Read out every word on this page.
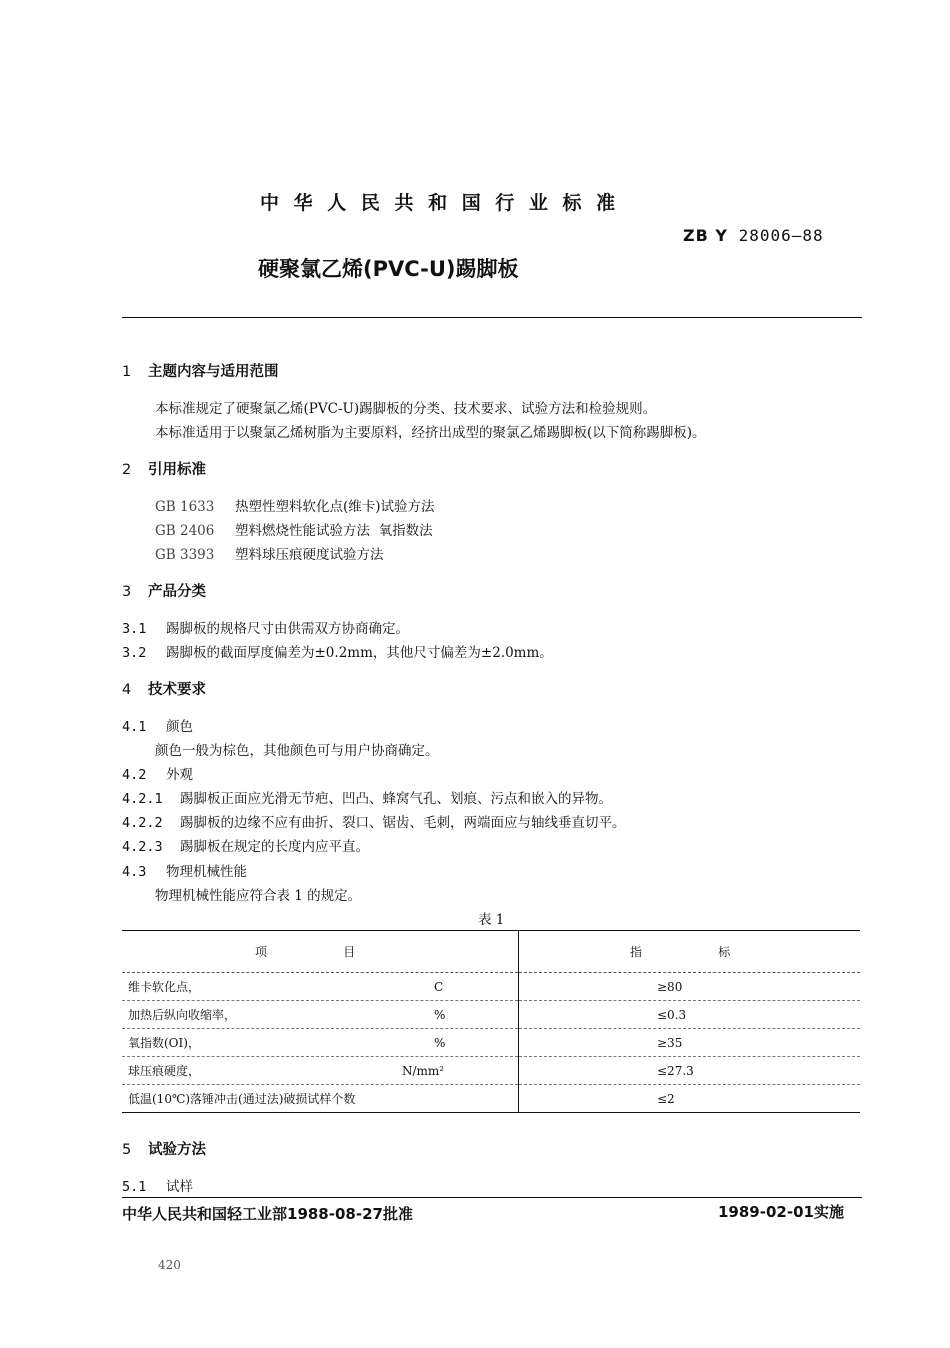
中 华 人 民 共 和 国 行 业 标 准
ZB Y 28006—88
硬聚氯乙烯(PVC-U)踢脚板
1 主题内容与适用范围
本标准规定了硬聚氯乙烯(PVC-U)踢脚板的分类、技术要求、试验方法和检验规则。
本标准适用于以聚氯乙烯树脂为主要原料，经挤出成型的聚氯乙烯踢脚板(以下简称踢脚板)。
2 引用标准
GB 1633 热塑性塑料软化点(维卡)试验方法
GB 2406 塑料燃烧性能试验方法  氧指数法
GB 3393 塑料球压痕硬度试验方法
3 产品分类
3.1 踢脚板的规格尺寸由供需双方协商确定。
3.2 踢脚板的截面厚度偏差为±0.2mm，其他尺寸偏差为±2.0mm。
4 技术要求
4.1 颜色
颜色一般为棕色，其他颜色可与用户协商确定。
4.2 外观
4.2.1 踢脚板正面应光滑无节疤、凹凸、蜂窝气孔、划痕、污点和嵌入的异物。
4.2.2 踢脚板的边缘不应有曲折、裂口、锯齿、毛刺，两端面应与轴线垂直切平。
4.2.3 踢脚板在规定的长度内应平直。
4.3 物理机械性能
物理机械性能应符合表 1 的规定。
表 1
项                    目	指                    标
维卡软化点， C	≥80
加热后纵向收缩率， %	≤0.3
氧指数(OI)， %	≥35
球压痕硬度， N/mm²	≤27.3
低温(10℃)落锤冲击(通过法)破损试样个数	≤2
5 试验方法
5.1 试样
中华人民共和国轻工业部1988-08-27批准	1989-02-01实施
420
